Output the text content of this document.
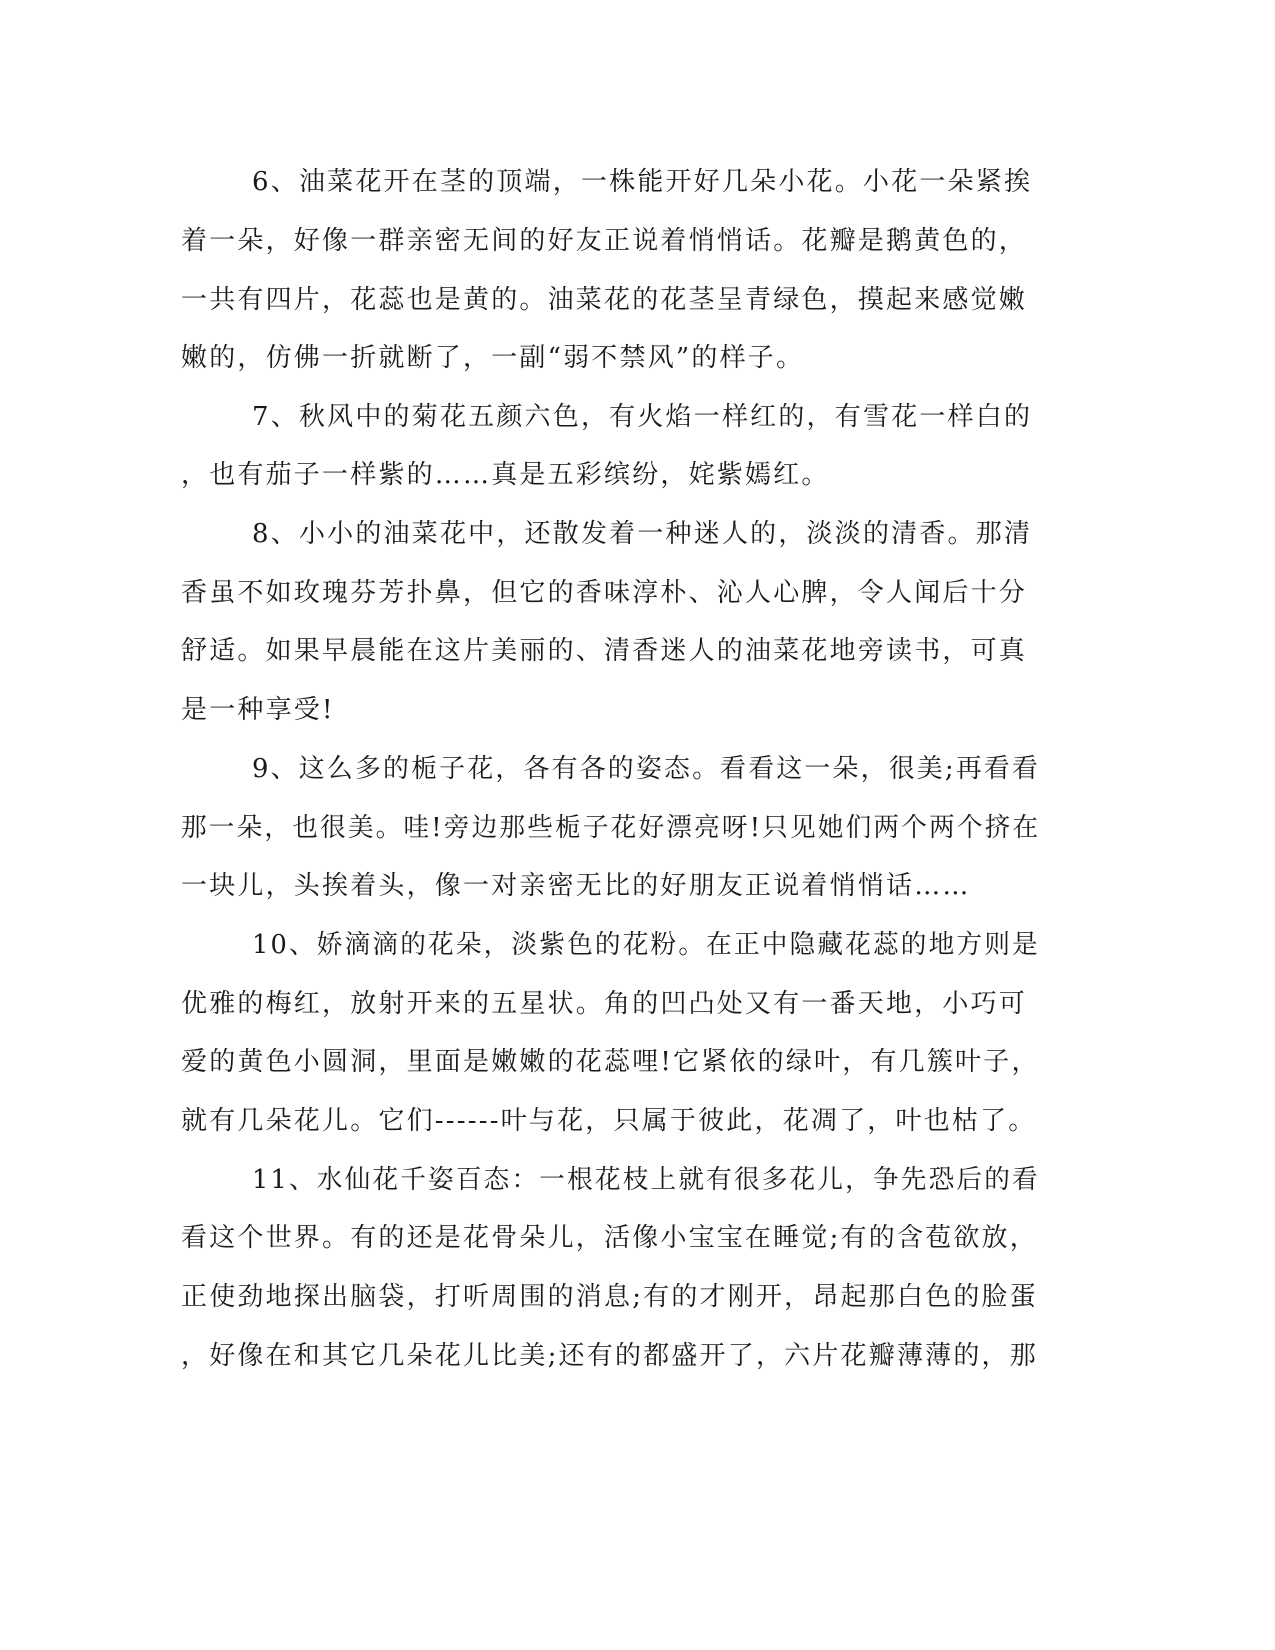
6、油菜花开在茎的顶端，一株能开好几朵小花。小花一朵紧挨
着一朵，好像一群亲密无间的好友正说着悄悄话。花瓣是鹅黄色的，
一共有四片，花蕊也是黄的。油菜花的花茎呈青绿色，摸起来感觉嫩
嫩的，仿佛一折就断了，一副“弱不禁风”的样子。
7、秋风中的菊花五颜六色，有火焰一样红的，有雪花一样白的
，也有茄子一样紫的……真是五彩缤纷，姹紫嫣红。
8、小小的油菜花中，还散发着一种迷人的，淡淡的清香。那清
香虽不如玫瑰芬芳扑鼻，但它的香味淳朴、沁人心脾，令人闻后十分
舒适。如果早晨能在这片美丽的、清香迷人的油菜花地旁读书，可真
是一种享受!
9、这么多的栀子花，各有各的姿态。看看这一朵，很美;再看看
那一朵，也很美。哇!旁边那些栀子花好漂亮呀!只见她们两个两个挤在
一块儿，头挨着头，像一对亲密无比的好朋友正说着悄悄话……
10、娇滴滴的花朵，淡紫色的花粉。在正中隐藏花蕊的地方则是
优雅的梅红，放射开来的五星状。角的凹凸处又有一番天地，小巧可
爱的黄色小圆洞，里面是嫩嫩的花蕊哩!它紧依的绿叶，有几簇叶子，
就有几朵花儿。它们------叶与花，只属于彼此，花凋了，叶也枯了。
11、水仙花千姿百态：一根花枝上就有很多花儿，争先恐后的看
看这个世界。有的还是花骨朵儿，活像小宝宝在睡觉;有的含苞欲放，
正使劲地探出脑袋，打听周围的消息;有的才刚开，昂起那白色的脸蛋
，好像在和其它几朵花儿比美;还有的都盛开了，六片花瓣薄薄的，那
